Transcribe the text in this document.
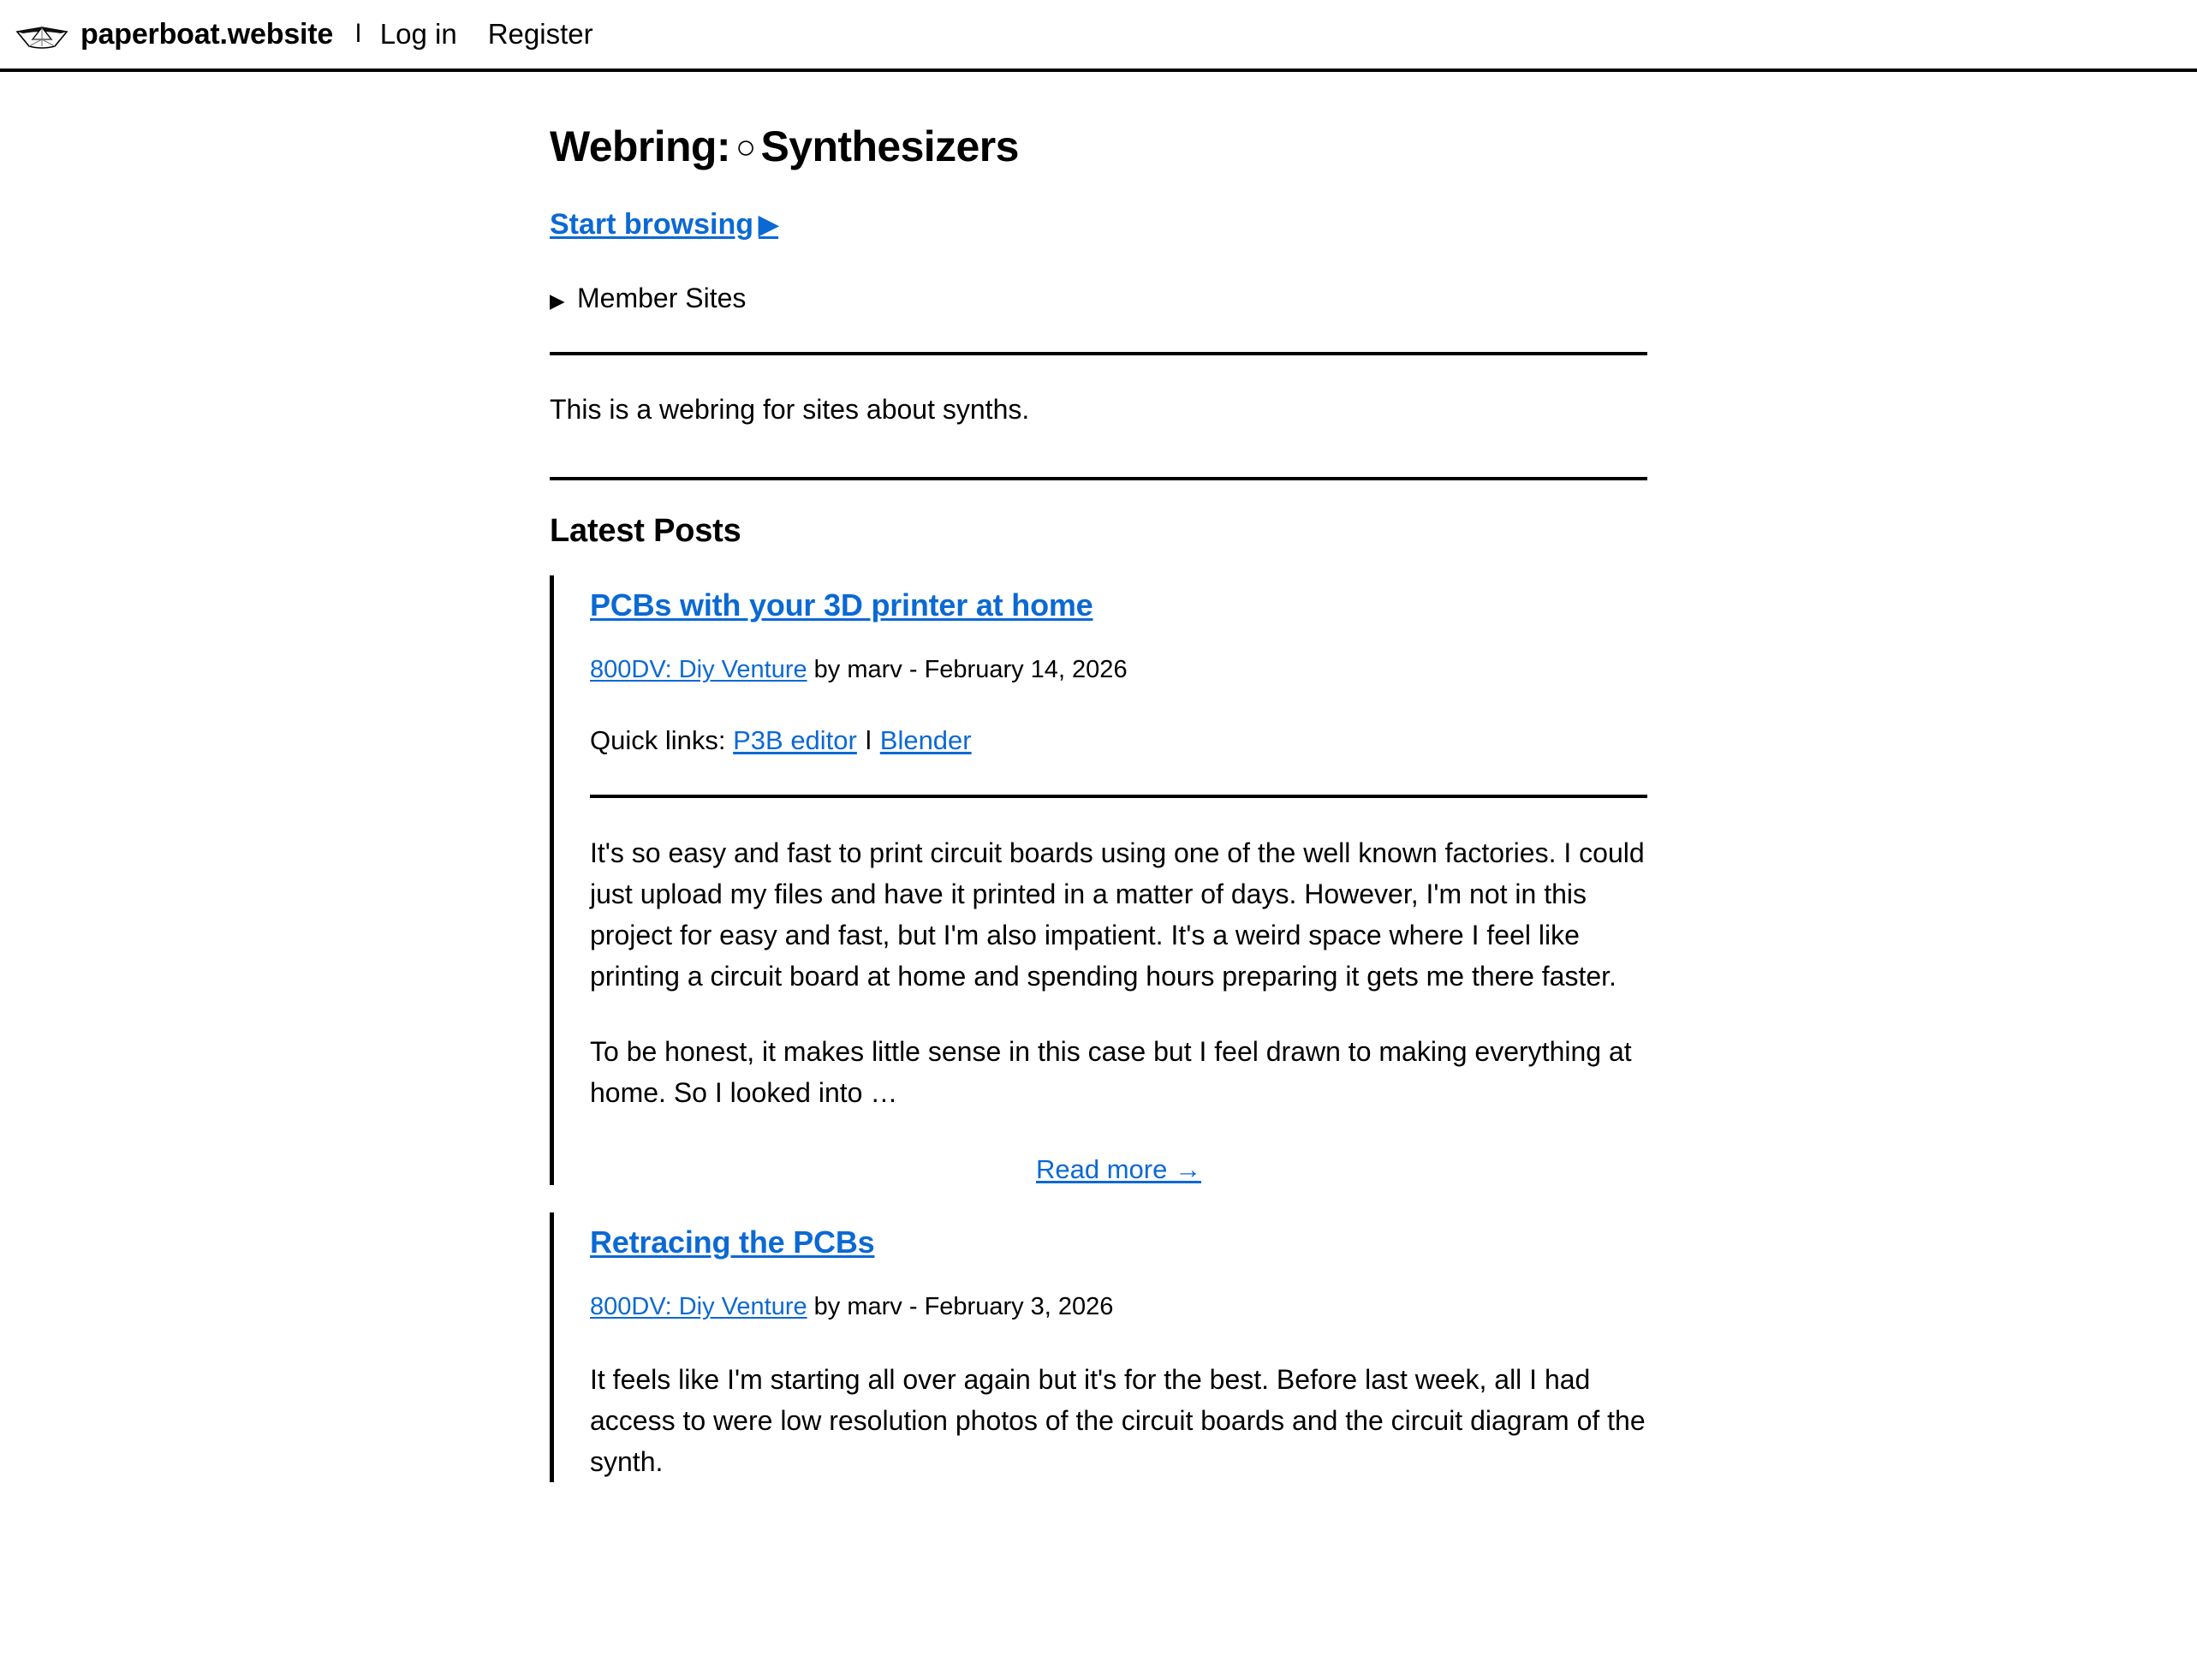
paperboat.website l Log in Register
Webring: ○ Synthesizers
Start browsing ▶
▶ Member Sites

This is a webring for sites about synths.

Latest Posts
PCBs with your 3D printer at home

800DV: Diy Venture by marv - February 14, 2026

Quick links: P3B editor l Blender

It's so easy and fast to print circuit boards using one of the well known factories. I could just upload my files and have it printed in a matter of days. However, I'm not in this project for easy and fast, but I'm also impatient. It's a weird space where I feel like printing a circuit board at home and spending hours preparing it gets me there faster.

To be honest, it makes little sense in this case but I feel drawn to making everything at home. So I looked into …

Read more →
Retracing the PCBs

800DV: Diy Venture by marv - February 3, 2026

It feels like I'm starting all over again but it's for the best. Before last week, all I had access to were low resolution photos of the circuit boards and the circuit diagram of the synth.
